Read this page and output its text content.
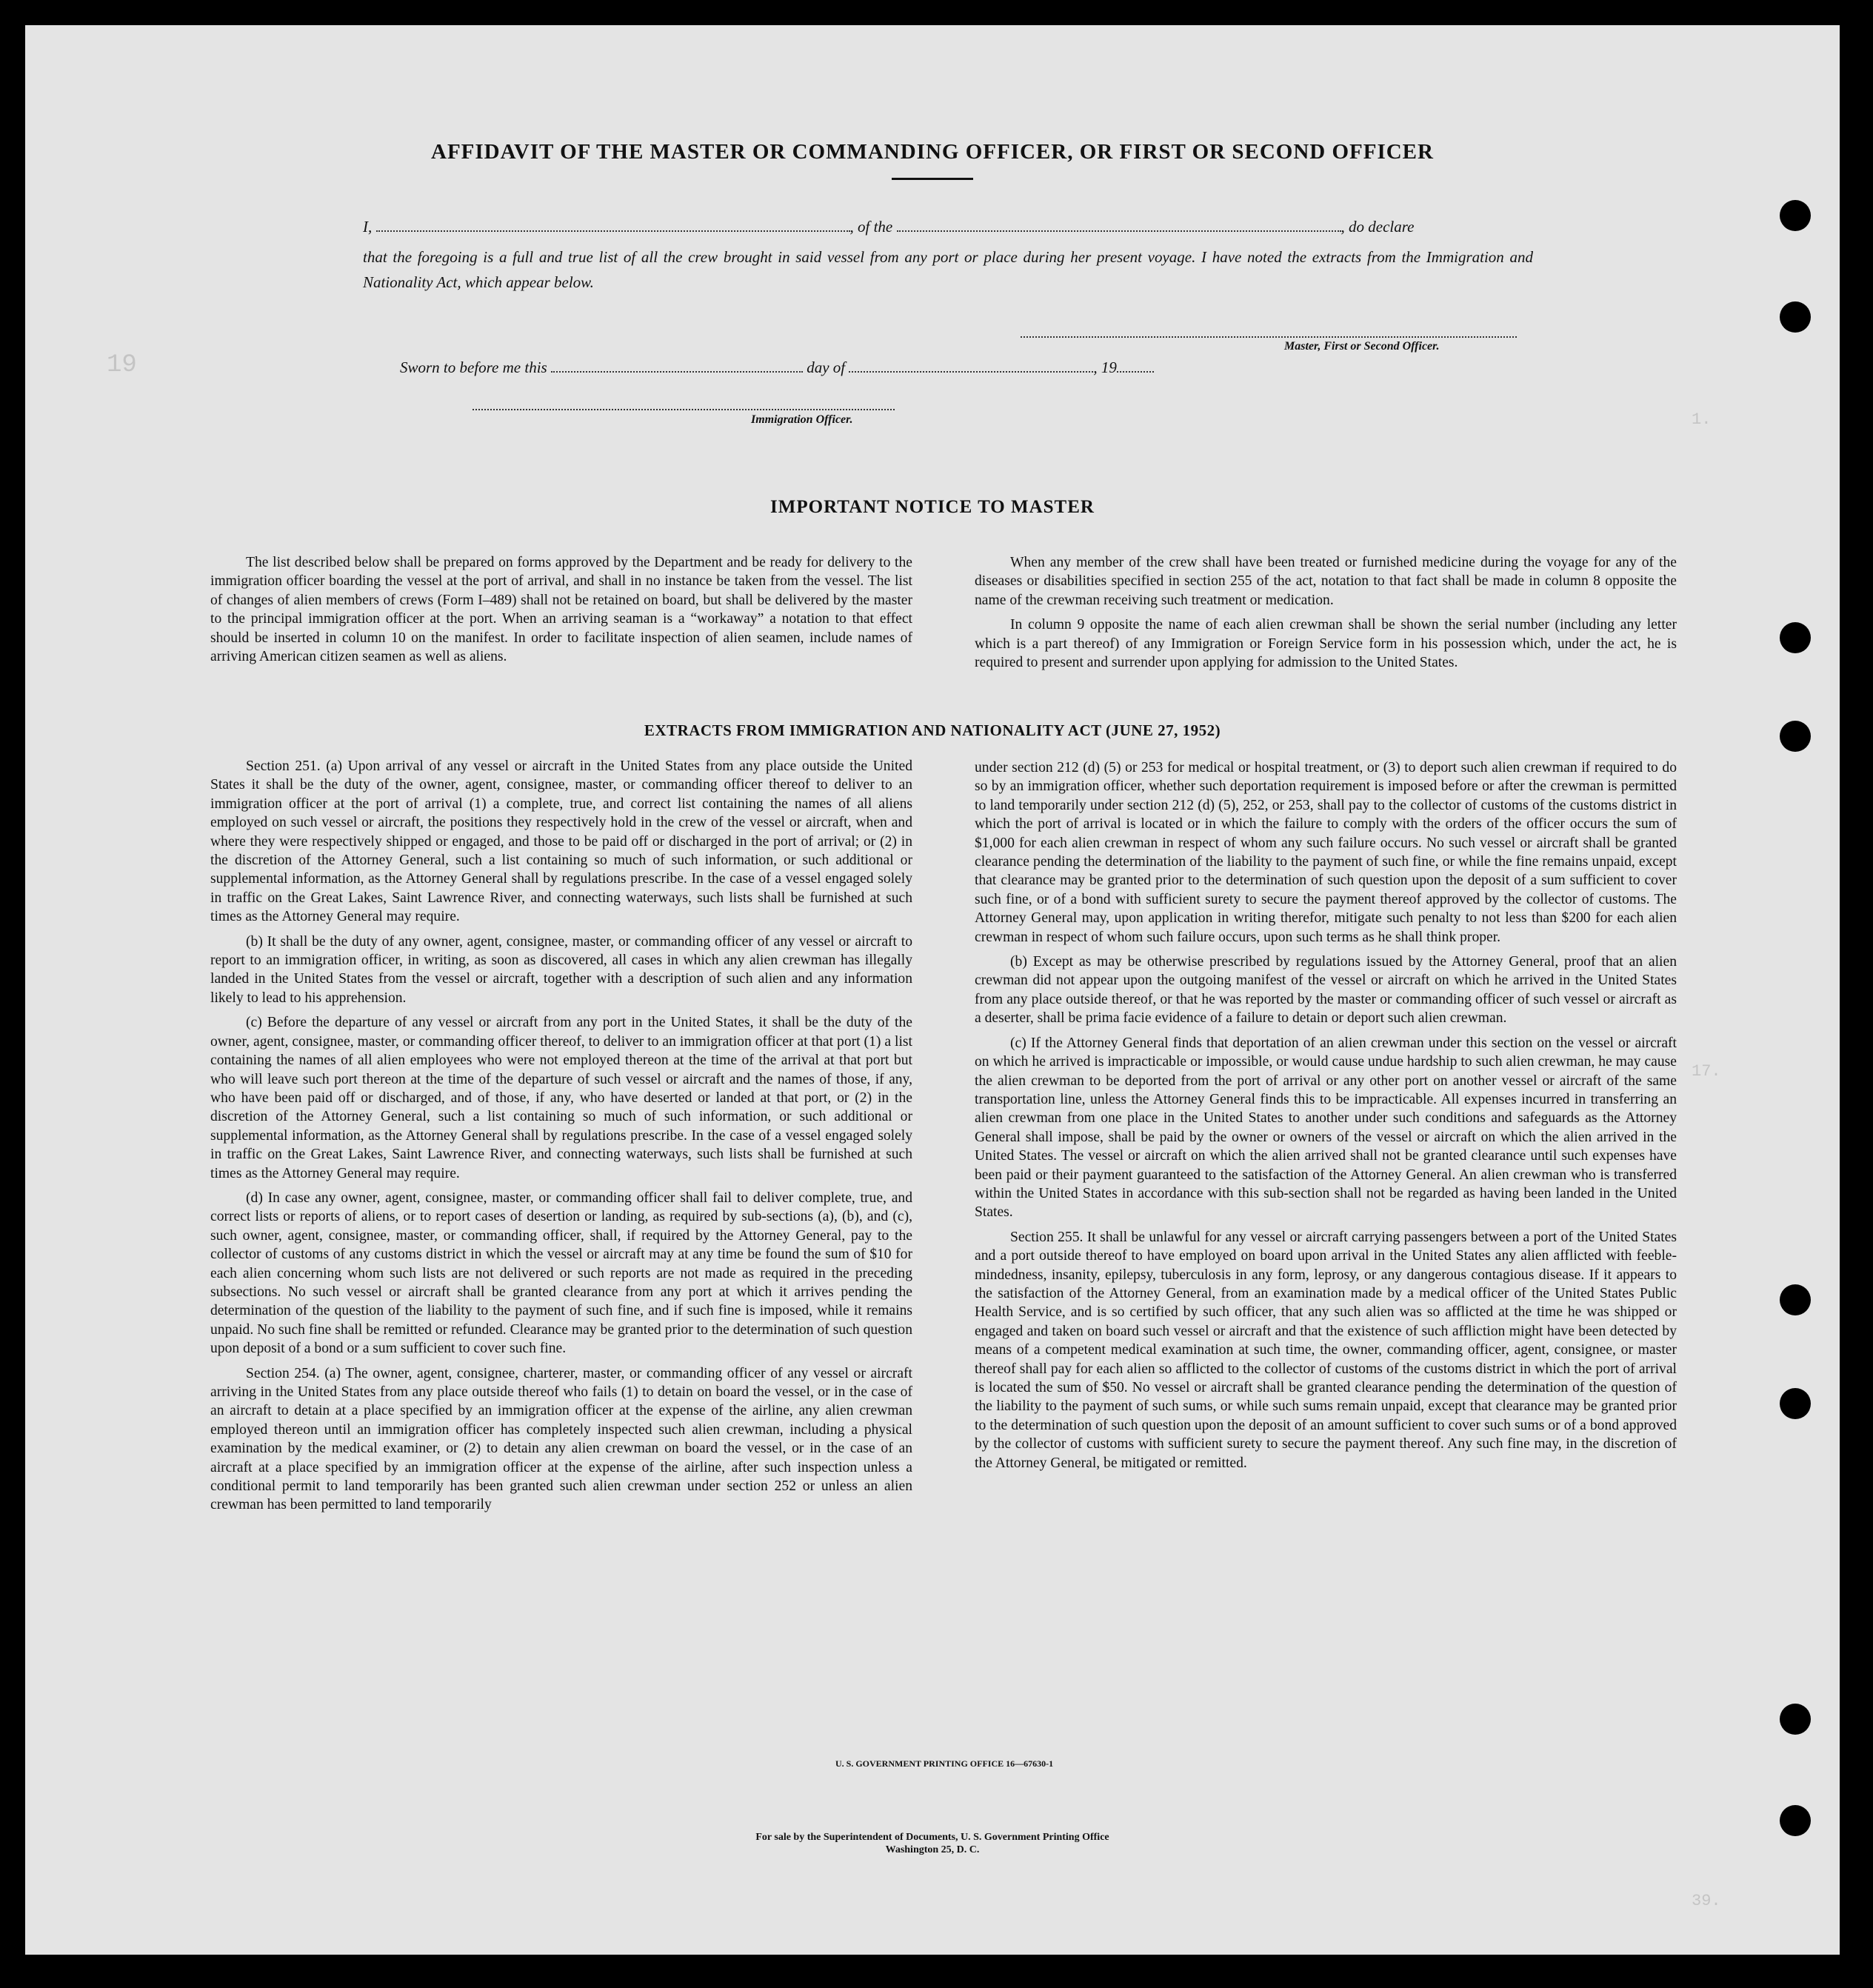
19
1.
17.
39.
AFFIDAVIT OF THE MASTER OR COMMANDING OFFICER, OR FIRST OR SECOND OFFICER
I,	, of the	, do declare
that the foregoing is a full and true list of all the crew brought in said vessel from any port or place during her present voyage. I have noted the extracts from the Immigration and Nationality Act, which appear below.
Master, First or Second Officer.
Sworn to before me this	day of	, 19
Immigration Officer.
IMPORTANT NOTICE TO MASTER

The list described below shall be prepared on forms approved by the Department and be ready for delivery to the immigration officer boarding the vessel at the port of arrival, and shall in no instance be taken from the vessel. The list of changes of alien members of crews (Form I–489) shall not be retained on board, but shall be delivered by the master to the principal immigration officer at the port. When an arriving seaman is a “workaway” a notation to that effect should be inserted in column 10 on the manifest. In order to facilitate inspection of alien seamen, include names of arriving American citizen seamen as well as aliens.

When any member of the crew shall have been treated or furnished medicine during the voyage for any of the diseases or disabilities specified in section 255 of the act, notation to that fact shall be made in column 8 opposite the name of the crewman receiving such treatment or medication.

In column 9 opposite the name of each alien crewman shall be shown the serial number (including any letter which is a part thereof) of any Immigration or Foreign Service form in his possession which, under the act, he is required to present and surrender upon applying for admission to the United States.

EXTRACTS FROM IMMIGRATION AND NATIONALITY ACT (JUNE 27, 1952)

Section 251. (a) Upon arrival of any vessel or aircraft in the United States from any place outside the United States it shall be the duty of the owner, agent, consignee, master, or commanding officer thereof to deliver to an immigration officer at the port of arrival (1) a complete, true, and correct list containing the names of all aliens employed on such vessel or aircraft, the positions they respectively hold in the crew of the vessel or aircraft, when and where they were respectively shipped or engaged, and those to be paid off or discharged in the port of arrival; or (2) in the discretion of the Attorney General, such a list containing so much of such information, or such additional or supplemental information, as the Attorney General shall by regulations prescribe. In the case of a vessel engaged solely in traffic on the Great Lakes, Saint Lawrence River, and connecting waterways, such lists shall be furnished at such times as the Attorney General may require.

(b) It shall be the duty of any owner, agent, consignee, master, or commanding officer of any vessel or aircraft to report to an immigration officer, in writing, as soon as discovered, all cases in which any alien crewman has illegally landed in the United States from the vessel or aircraft, together with a description of such alien and any information likely to lead to his apprehension.

(c) Before the departure of any vessel or aircraft from any port in the United States, it shall be the duty of the owner, agent, consignee, master, or commanding officer thereof, to deliver to an immigration officer at that port (1) a list containing the names of all alien employees who were not employed thereon at the time of the arrival at that port but who will leave such port thereon at the time of the departure of such vessel or aircraft and the names of those, if any, who have been paid off or discharged, and of those, if any, who have deserted or landed at that port, or (2) in the discretion of the Attorney General, such a list containing so much of such information, or such additional or supplemental information, as the Attorney General shall by regulations prescribe. In the case of a vessel engaged solely in traffic on the Great Lakes, Saint Lawrence River, and connecting waterways, such lists shall be furnished at such times as the Attorney General may require.

(d) In case any owner, agent, consignee, master, or commanding officer shall fail to deliver complete, true, and correct lists or reports of aliens, or to report cases of desertion or landing, as required by sub-sections (a), (b), and (c), such owner, agent, consignee, master, or commanding officer, shall, if required by the Attorney General, pay to the collector of customs of any customs district in which the vessel or aircraft may at any time be found the sum of $10 for each alien concerning whom such lists are not delivered or such reports are not made as required in the preceding subsections. No such vessel or aircraft shall be granted clearance from any port at which it arrives pending the determination of the question of the liability to the payment of such fine, and if such fine is imposed, while it remains unpaid. No such fine shall be remitted or refunded. Clearance may be granted prior to the determination of such question upon deposit of a bond or a sum sufficient to cover such fine.

Section 254. (a) The owner, agent, consignee, charterer, master, or commanding officer of any vessel or aircraft arriving in the United States from any place outside thereof who fails (1) to detain on board the vessel, or in the case of an aircraft to detain at a place specified by an immigration officer at the expense of the airline, any alien crewman employed thereon until an immigration officer has completely inspected such alien crewman, including a physical examination by the medical examiner, or (2) to detain any alien crewman on board the vessel, or in the case of an aircraft at a place specified by an immigration officer at the expense of the airline, after such inspection unless a conditional permit to land temporarily has been granted such alien crewman under section 252 or unless an alien crewman has been permitted to land temporarily

under section 212 (d) (5) or 253 for medical or hospital treatment, or (3) to deport such alien crewman if required to do so by an immigration officer, whether such deportation requirement is imposed before or after the crewman is permitted to land temporarily under section 212 (d) (5), 252, or 253, shall pay to the collector of customs of the customs district in which the port of arrival is located or in which the failure to comply with the orders of the officer occurs the sum of $1,000 for each alien crewman in respect of whom any such failure occurs. No such vessel or aircraft shall be granted clearance pending the determination of the liability to the payment of such fine, or while the fine remains unpaid, except that clearance may be granted prior to the determination of such question upon the deposit of a sum sufficient to cover such fine, or of a bond with sufficient surety to secure the payment thereof approved by the collector of customs. The Attorney General may, upon application in writing therefor, mitigate such penalty to not less than $200 for each alien crewman in respect of whom such failure occurs, upon such terms as he shall think proper.

(b) Except as may be otherwise prescribed by regulations issued by the Attorney General, proof that an alien crewman did not appear upon the outgoing manifest of the vessel or aircraft on which he arrived in the United States from any place outside thereof, or that he was reported by the master or commanding officer of such vessel or aircraft as a deserter, shall be prima facie evidence of a failure to detain or deport such alien crewman.

(c) If the Attorney General finds that deportation of an alien crewman under this section on the vessel or aircraft on which he arrived is impracticable or impossible, or would cause undue hardship to such alien crewman, he may cause the alien crewman to be deported from the port of arrival or any other port on another vessel or aircraft of the same transportation line, unless the Attorney General finds this to be impracticable. All expenses incurred in transferring an alien crewman from one place in the United States to another under such conditions and safeguards as the Attorney General shall impose, shall be paid by the owner or owners of the vessel or aircraft on which the alien arrived in the United States. The vessel or aircraft on which the alien arrived shall not be granted clearance until such expenses have been paid or their payment guaranteed to the satisfaction of the Attorney General. An alien crewman who is transferred within the United States in accordance with this sub-section shall not be regarded as having been landed in the United States.

Section 255. It shall be unlawful for any vessel or aircraft carrying passengers between a port of the United States and a port outside thereof to have employed on board upon arrival in the United States any alien afflicted with feeble-mindedness, insanity, epilepsy, tuberculosis in any form, leprosy, or any dangerous contagious disease. If it appears to the satisfaction of the Attorney General, from an examination made by a medical officer of the United States Public Health Service, and is so certified by such officer, that any such alien was so afflicted at the time he was shipped or engaged and taken on board such vessel or aircraft and that the existence of such affliction might have been detected by means of a competent medical examination at such time, the owner, commanding officer, agent, consignee, or master thereof shall pay for each alien so afflicted to the collector of customs of the customs district in which the port of arrival is located the sum of $50. No vessel or aircraft shall be granted clearance pending the determination of the question of the liability to the payment of such sums, or while such sums remain unpaid, except that clearance may be granted prior to the determination of such question upon the deposit of an amount sufficient to cover such sums or of a bond approved by the collector of customs with sufficient surety to secure the payment thereof. Any such fine may, in the discretion of the Attorney General, be mitigated or remitted.

U. S. GOVERNMENT PRINTING OFFICE 16—67630-1
For sale by the Superintendent of Documents, U. S. Government Printing Office
Washington 25, D. C.
